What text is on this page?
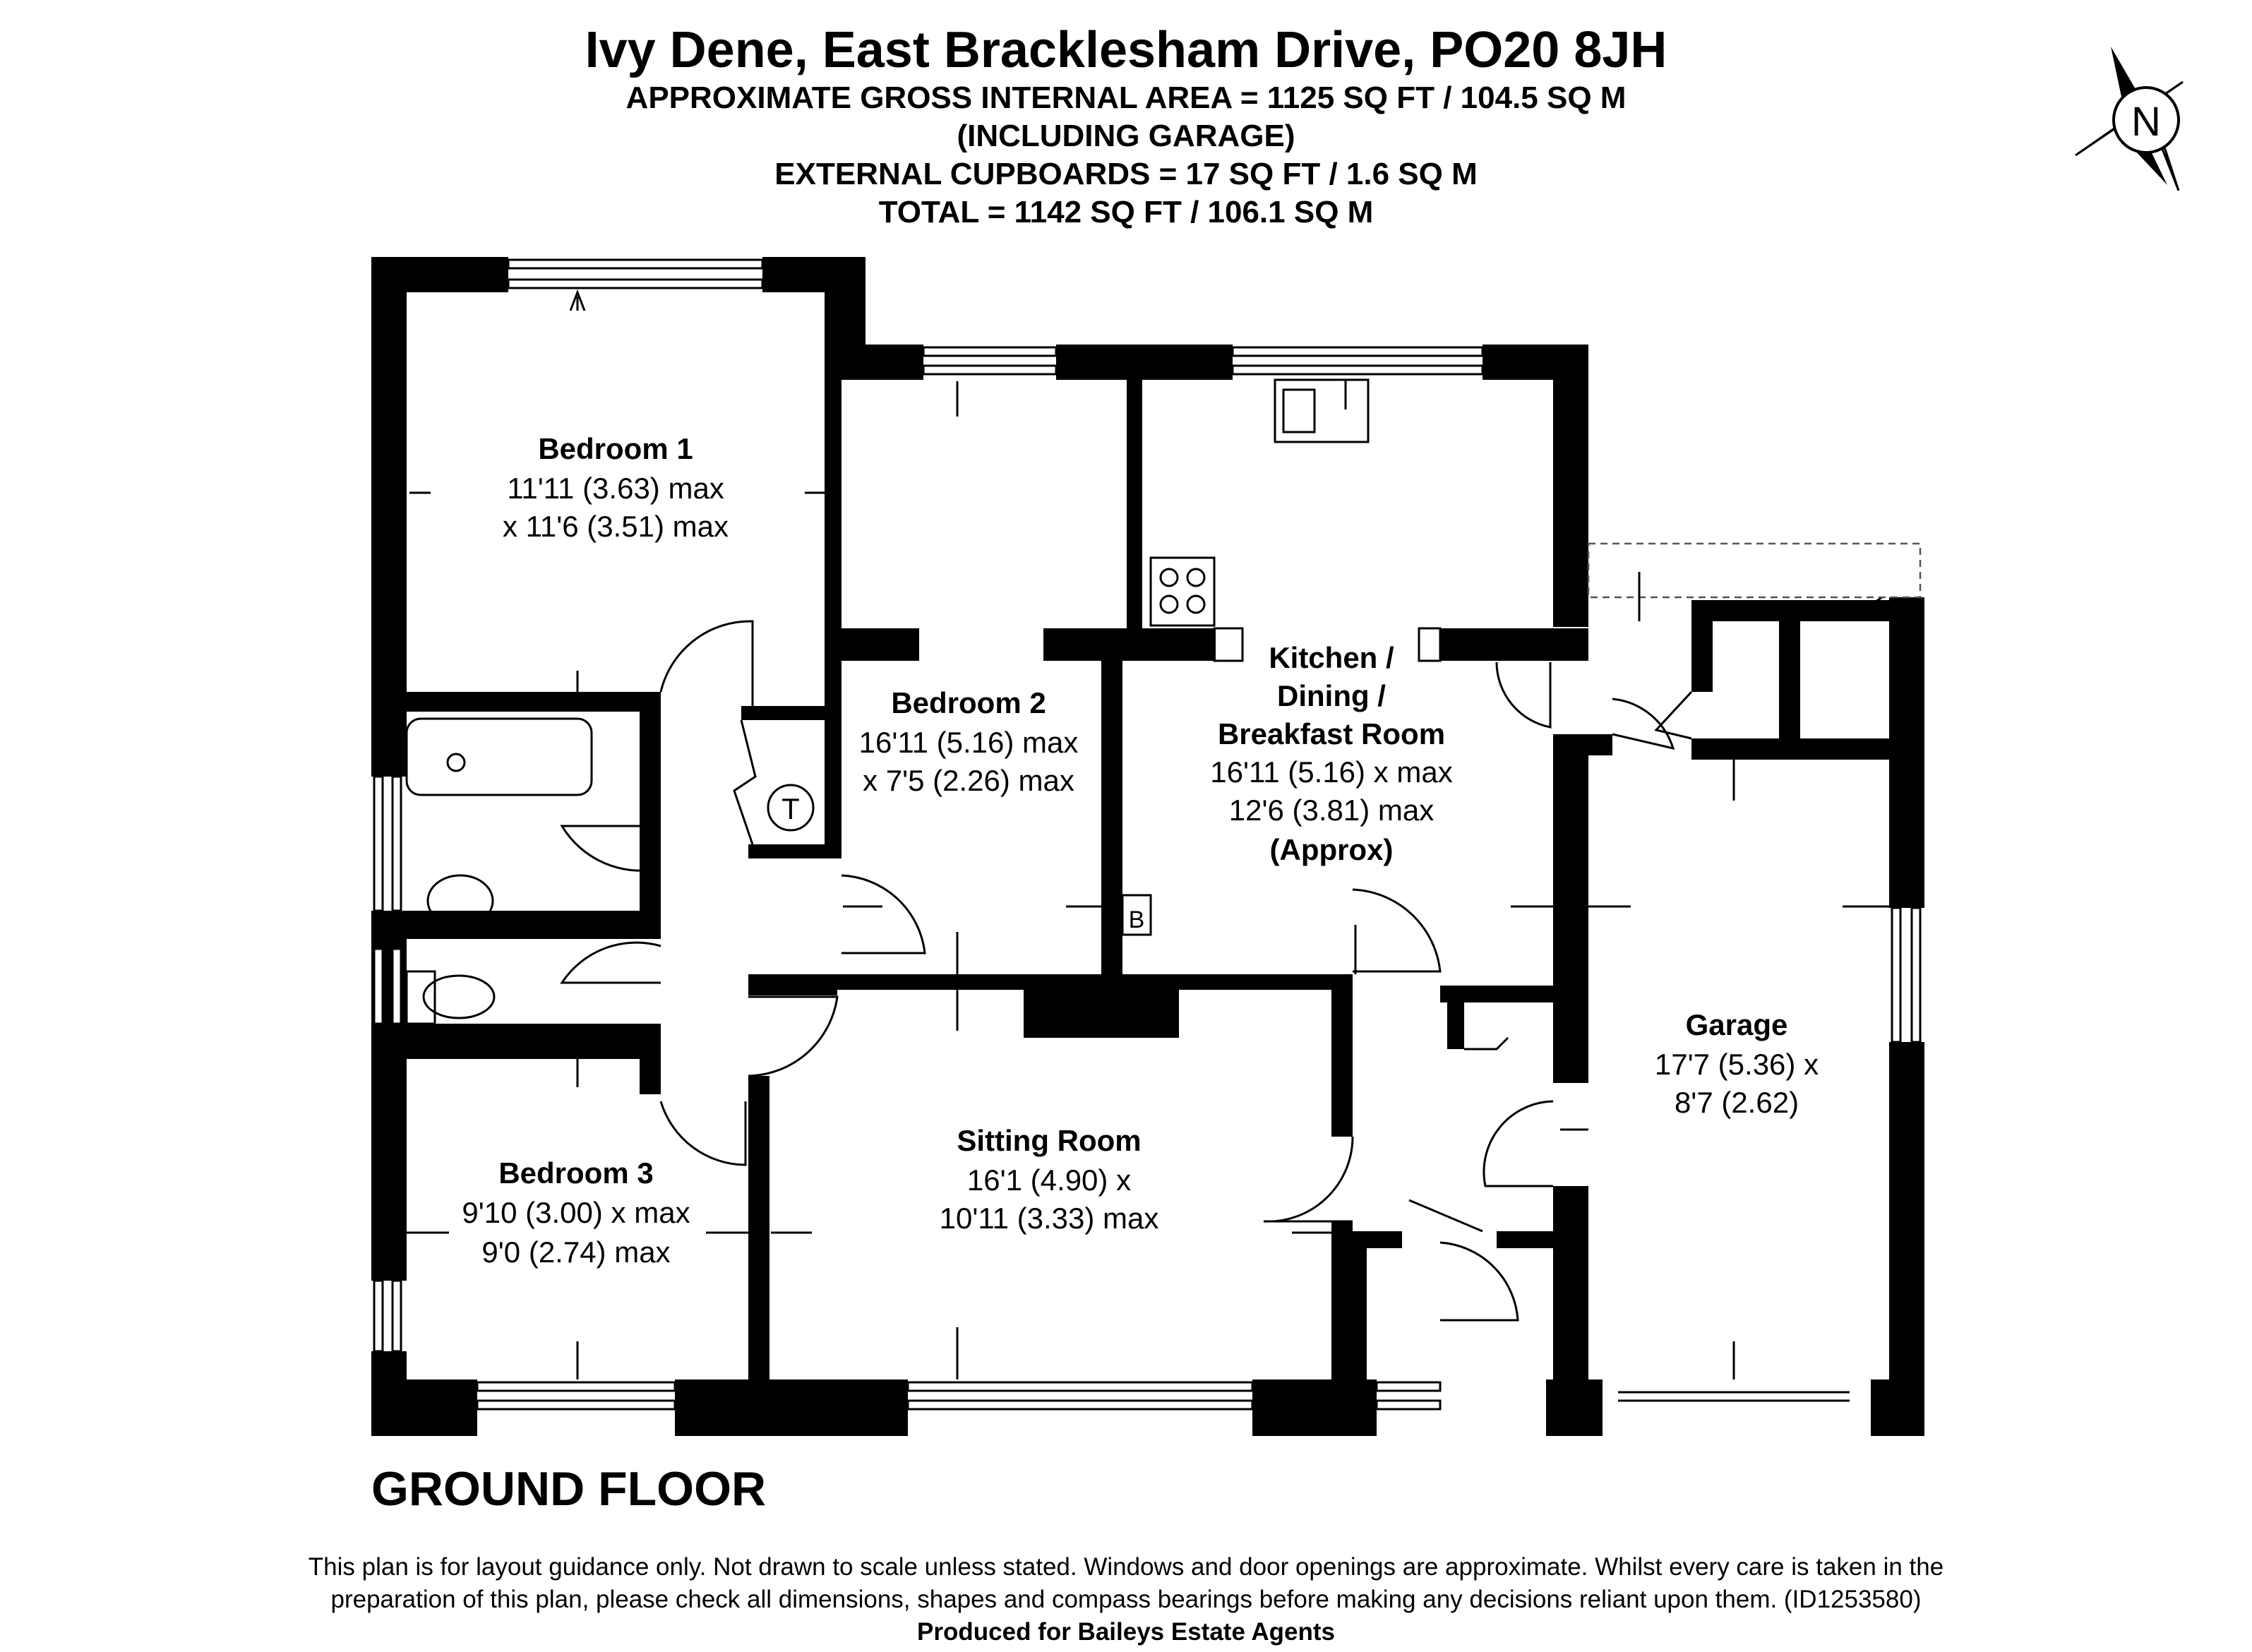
Ivy Dene, East Bracklesham Drive, PO20 8JH
APPROXIMATE GROSS INTERNAL AREA = 1125 SQ FT / 104.5 SQ M
(INCLUDING GARAGE)
EXTERNAL CUPBOARDS = 17 SQ FT / 1.6 SQ M
TOTAL = 1142 SQ FT / 106.1 SQ M
N
T
B
Bedroom 1
11'11 (3.63) max
x 11'6 (3.51) max
Bedroom 2
16'11 (5.16) max
x 7'5 (2.26) max
Kitchen /
Dining /
Breakfast Room
16'11 (5.16) x max
12'6 (3.81) max
(Approx)
Garage
17'7 (5.36) x
8'7 (2.62)
Sitting Room
16'1 (4.90) x
10'11 (3.33) max
Bedroom 3
9'10 (3.00) x max
9'0 (2.74) max
GROUND FLOOR
This plan is for layout guidance only. Not drawn to scale unless stated. Windows and door openings are approximate. Whilst every care is taken in the
preparation of this plan, please check all dimensions, shapes and compass bearings before making any decisions reliant upon them. (ID1253580)
Produced for Baileys Estate Agents
